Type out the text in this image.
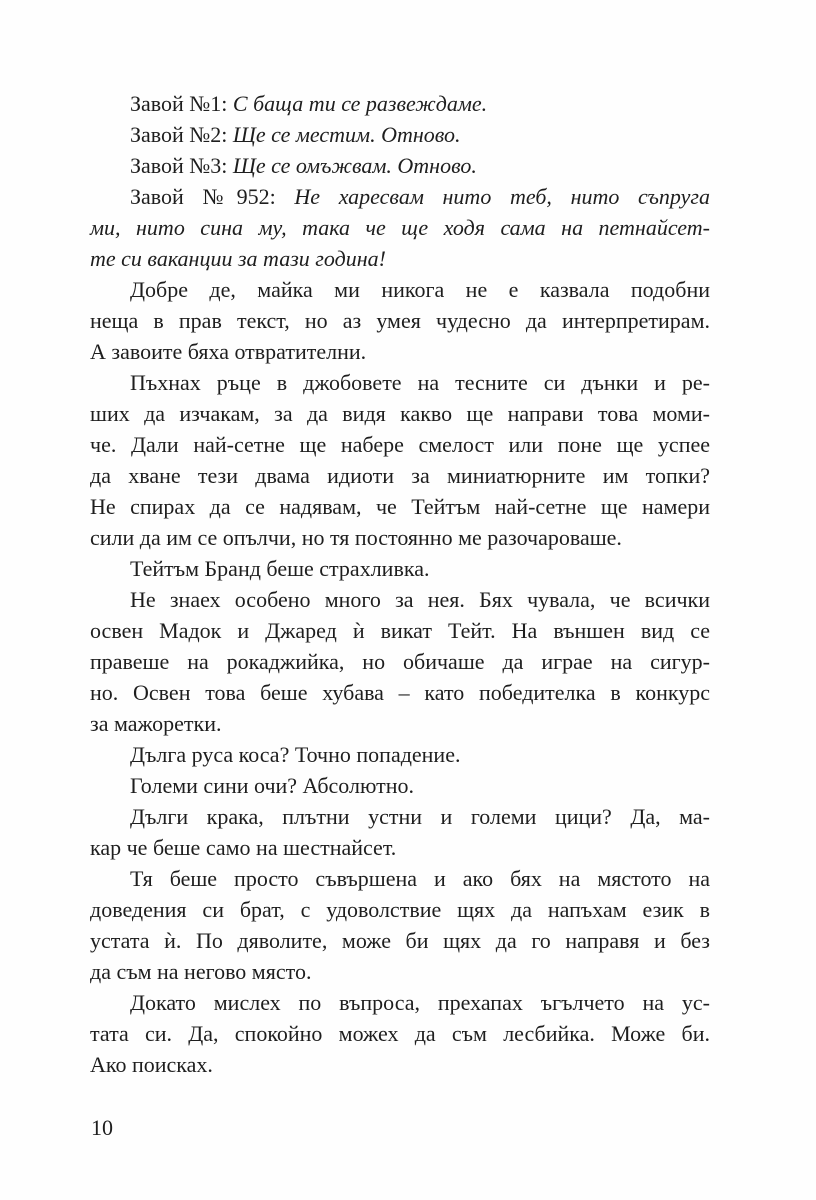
Завой №1: С баща ти се развеждаме.
Завой №2: Ще се местим. Отново.
Завой №3: Ще се омъжвам. Отново.
Завой №952: Не харесвам нито теб, нито съпруга
ми, нито сина му, така че ще ходя сама на петнайсет-
те си ваканции за тази година!
Добре де, майка ми никога не е казвала подобни
неща в прав текст, но аз умея чудесно да интерпретирам.
А завоите бяха отвратителни.
Пъхнах ръце в джобовете на тесните си дънки и ре-
ших да изчакам, за да видя какво ще направи това моми-
че. Дали най-сетне ще набере смелост или поне ще успее
да хване тези двама идиоти за миниатюрните им топки?
Не спирах да се надявам, че Тейтъм най-сетне ще намери
сили да им се опълчи, но тя постоянно ме разочароваше.
Тейтъм Бранд беше страхливка.
Не знаех особено много за нея. Бях чувала, че всички
освен Мадок и Джаред ѝ викат Тейт. На външен вид се
правеше на рокаджийка, но обичаше да играе на сигур-
но. Освен това беше хубава – като победителка в конкурс
за мажоретки.
Дълга руса коса? Точно попадение.
Големи сини очи? Абсолютно.
Дълги крака, плътни устни и големи цици? Да, ма-
кар че беше само на шестнайсет.
Тя беше просто съвършена и ако бях на мястото на
доведения си брат, с удоволствие щях да напъхам език в
устата ѝ. По дяволите, може би щях да го направя и без
да съм на негово място.
Докато мислех по въпроса, прехапах ъгълчето на ус-
тата си. Да, спокойно можех да съм лесбийка. Може би.
Ако поисках.
10
